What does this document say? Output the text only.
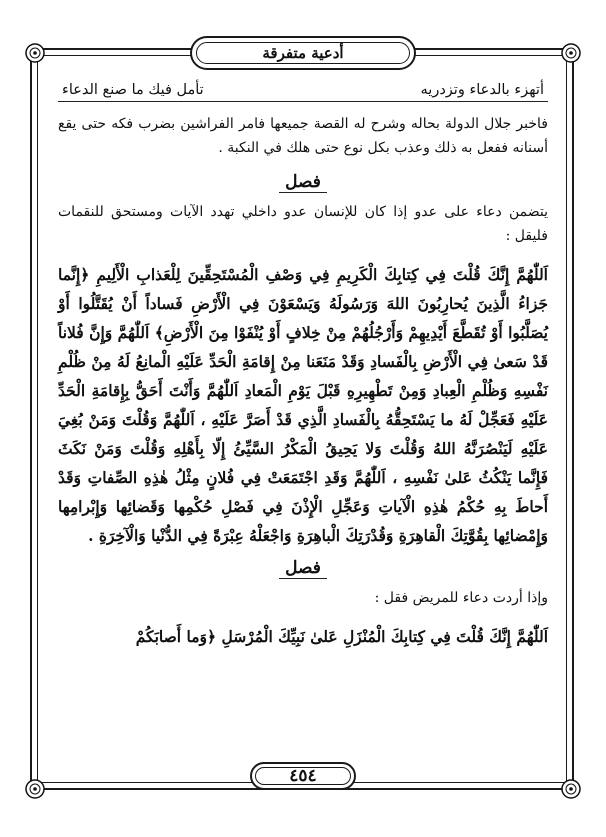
أدعية متفرقة
أتهزء بالدعاء وتزدريه
تأمل فيك ما صنع الدعاء

فاخبر جلال الدولة بحاله وشرح له القصة جميعها فامر الفراشين بضرب فكه حتى يقع أسنانه ففعل به ذلك وعذب بكل نوع حتى هلك في النكبة .

فصل

يتضمن دعاء على عدو إذا كان للإنسان عدو داخلي تهدد الآيات ومستحق للنقمات فليقل :

اَللّٰهُمَّ إِنَّكَ قُلْتَ فِي كِتابِكَ الْكَرِيمِ فِي وَصْفِ الْمُسْتَحِقِّينَ لِلْعَذابِ الْأَلِيمِ ﴿إِنَّما جَزاءُ الَّذِينَ يُحارِبُونَ اللهَ وَرَسُولَهُ وَيَسْعَوْنَ فِي الْأَرْضِ فَساداً أَنْ يُقَتَّلُوا أَوْ يُصَلَّبُوا أَوْ تُقَطَّعَ أَيْدِيهِمْ وَأَرْجُلُهُمْ مِنْ خِلافٍ أَوْ يُنْفَوْا مِنَ الْأَرْضِ﴾ اَللّٰهُمَّ وَإِنَّ فُلاناً قَدْ سَعىٰ فِي الْأَرْضِ بِالْفَسادِ وَقَدْ مَنَعَنا مِنْ إِقامَةِ الْحَدِّ عَلَيْهِ الْمانِعُ لَهُ مِنْ ظُلْمِ نَفْسِهِ وَظُلْمِ الْعِبادِ وَمِنْ تَطْهِيرِهِ قَبْلَ يَوْمِ الْمَعادِ اَللّٰهُمَّ وَأَنْتَ أَحَقُّ بِإِقامَةِ الْحَدِّ عَلَيْهِ فَعَجِّلْ لَهُ ما يَسْتَحِقُّهُ بِالْفَسادِ الَّذِي قَدْ أَصَرَّ عَلَيْهِ ، اَللّٰهُمَّ وَقُلْتَ وَمَنْ بُغِيَ عَلَيْهِ لَيَنْصُرَنَّهُ اللهُ وَقُلْتَ وَلا يَحِيقُ الْمَكْرُ السَّيِّئُ إِلّا بِأَهْلِهِ وَقُلْتَ وَمَنْ نَكَثَ فَإِنَّما يَنْكُثُ عَلىٰ نَفْسِهِ ، اَللّٰهُمَّ وَقَدِ اجْتَمَعَتْ فِي فُلانٍ مِثْلُ هٰذِهِ الصِّفاتِ وَقَدْ أَحاطَ بِهِ حُكْمُ هٰذِهِ الْآياتِ وَعَجِّلِ الْإِذْنَ فِي فَصْلِ حُكْمِها وَقَضائِها وَإِبْرامِها وَإِمْضائِها بِقُوَّتِكَ الْقاهِرَةِ وَقُدْرَتِكَ الْباهِرَةِ وَاجْعَلْهُ عِبْرَةً فِي الدُّنْيا وَالْآخِرَةِ .

فصل

وإذا أردت دعاء للمريض فقل :

اَللّٰهُمَّ إِنَّكَ قُلْتَ فِي كِتابِكَ الْمُنْزَلِ عَلىٰ نَبِيِّكَ الْمُرْسَلِ ﴿وَما أَصابَكُمْ

٤٥٤
